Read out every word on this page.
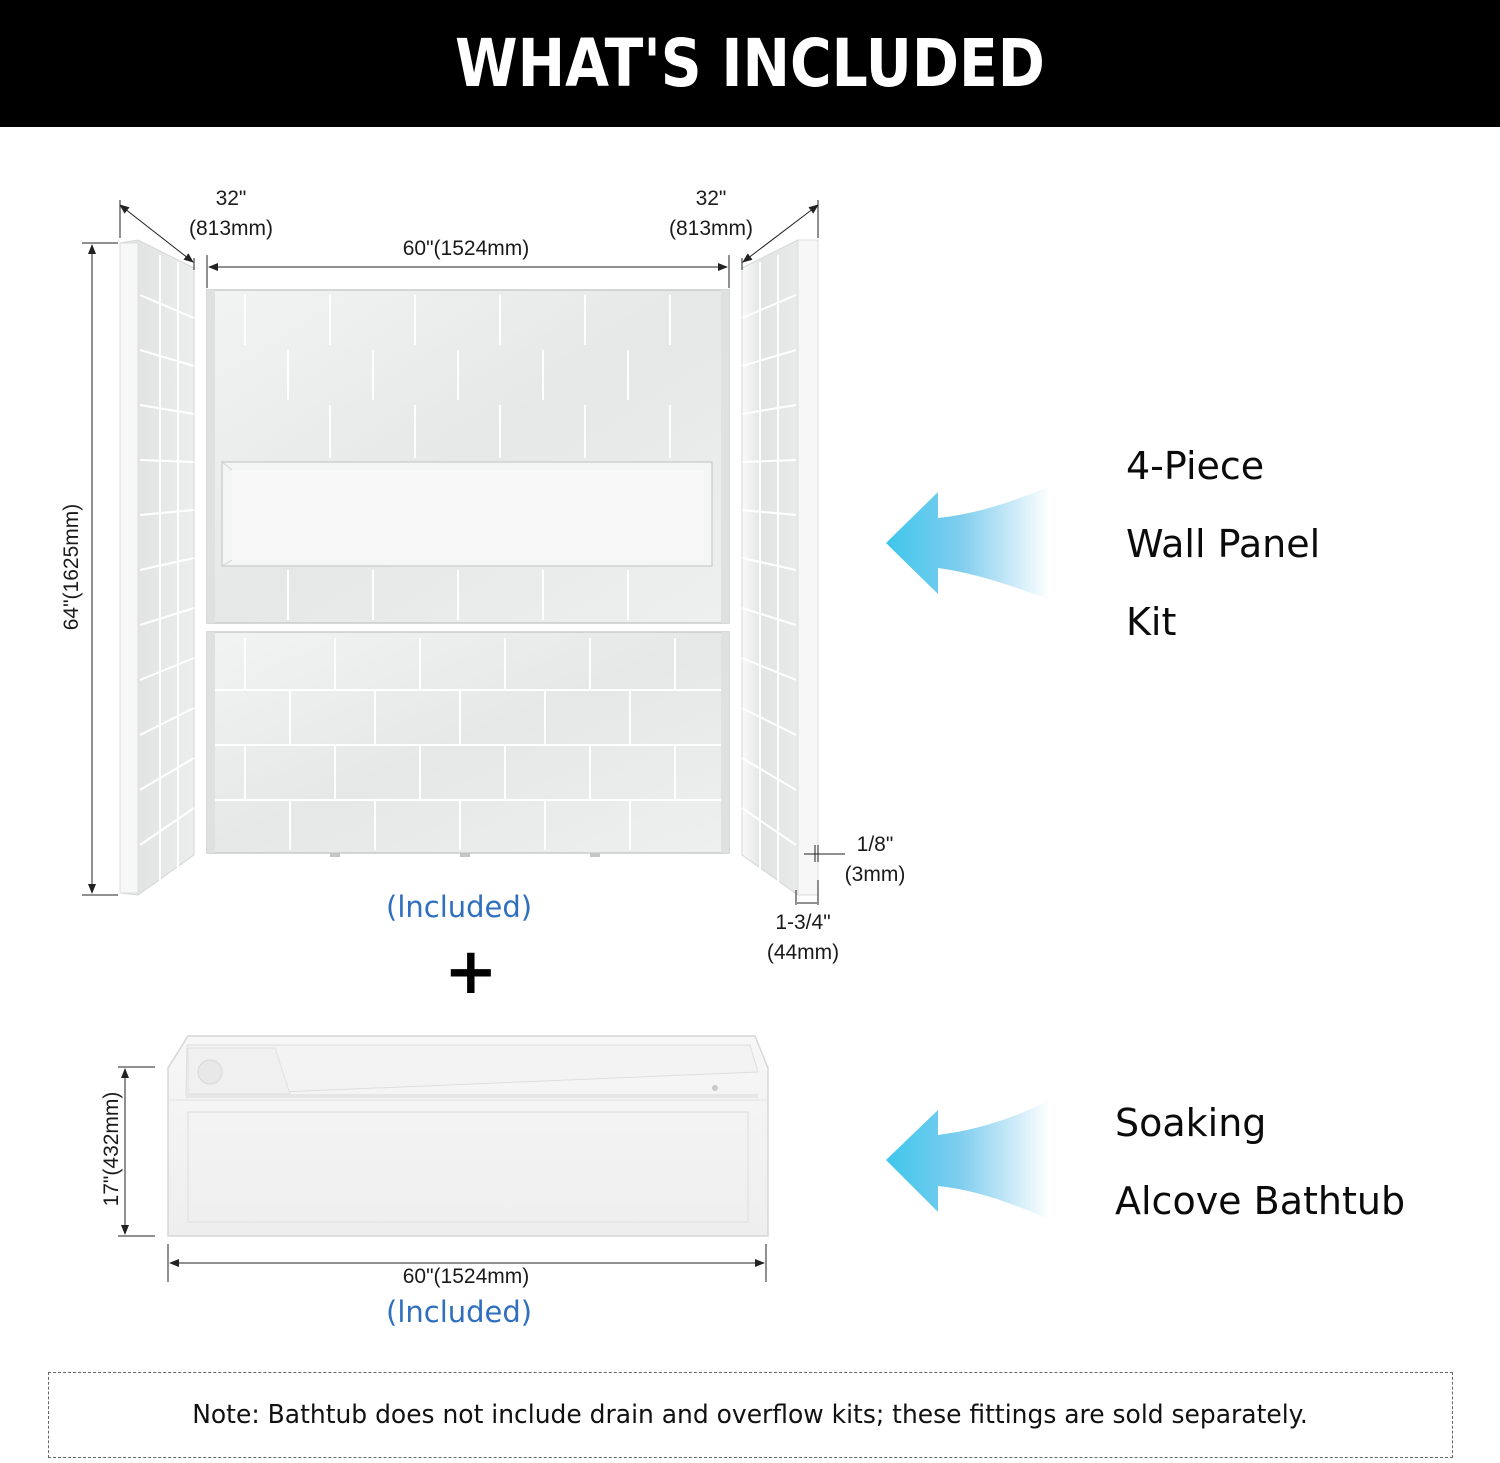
WHAT'S INCLUDED
32"
(813mm)
32"
(813mm)
60"(1524mm)
64"(1625mm)
1/8"
(3mm)
1-3/4"
(44mm)
(lncluded)
+
17"(432mm)
60"(1524mm)
(lncluded)
4-Piece
Wall Panel
Kit
Soaking
Alcove Bathtub
Note: Bathtub does not include drain and overflow kits; these fittings are sold separately.
